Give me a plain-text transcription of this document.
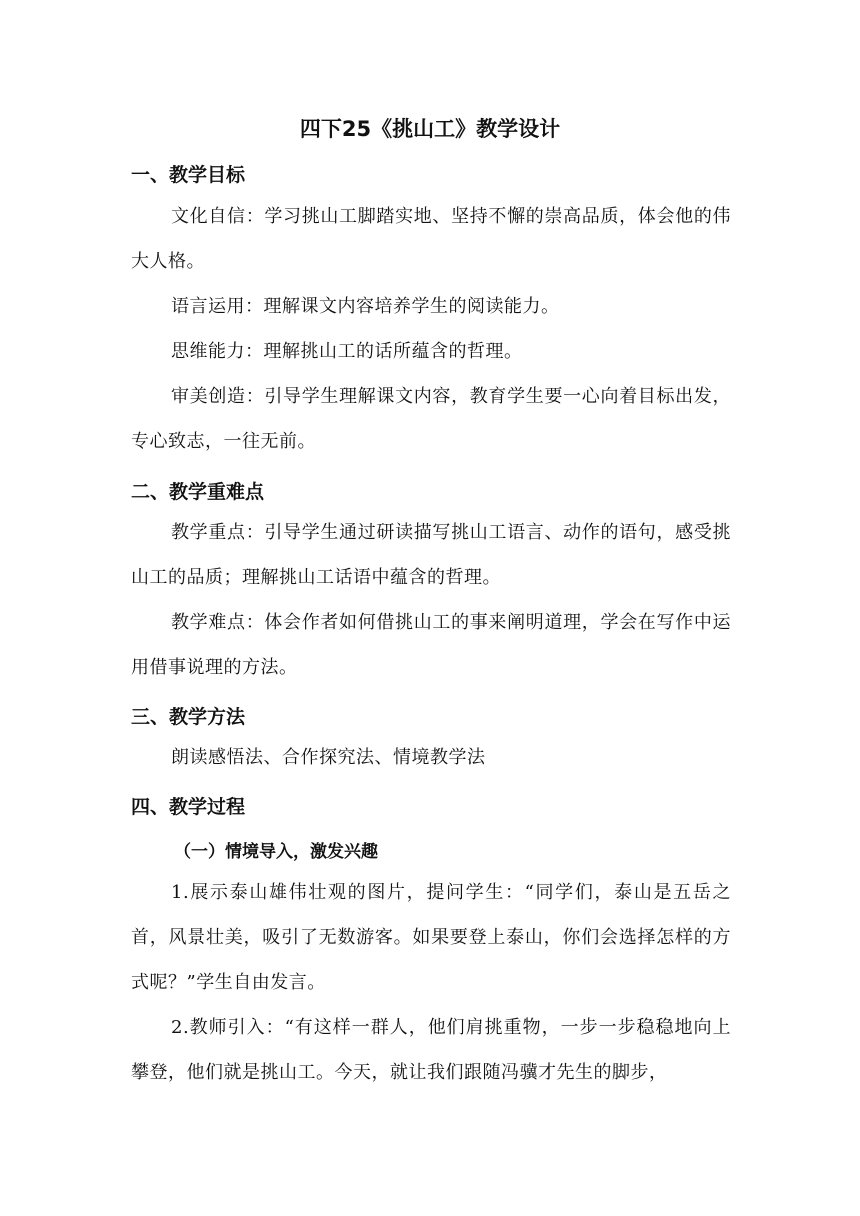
四下25《挑山工》教学设计
一、教学目标

文化自信：学习挑山工脚踏实地、坚持不懈的崇高品质，体会他的伟大人格。

语言运用：理解课文内容培养学生的阅读能力。

思维能力：理解挑山工的话所蕴含的哲理。

审美创造：引导学生理解课文内容，教育学生要一心向着目标出发，专心致志，一往无前。

二、教学重难点

教学重点：引导学生通过研读描写挑山工语言、动作的语句，感受挑山工的品质；理解挑山工话语中蕴含的哲理。

教学难点：体会作者如何借挑山工的事来阐明道理，学会在写作中运用借事说理的方法。

三、教学方法

朗读感悟法、合作探究法、情境教学法

四、教学过程
（一）情境导入，激发兴趣

1.展示泰山雄伟壮观的图片，提问学生：“同学们，泰山是五岳之首，风景壮美，吸引了无数游客。如果要登上泰山，你们会选择怎样的方式呢？”学生自由发言。

2.教师引入：“有这样一群人，他们肩挑重物，一步一步稳稳地向上攀登，他们就是挑山工。今天，就让我们跟随冯骥才先生的脚步，
